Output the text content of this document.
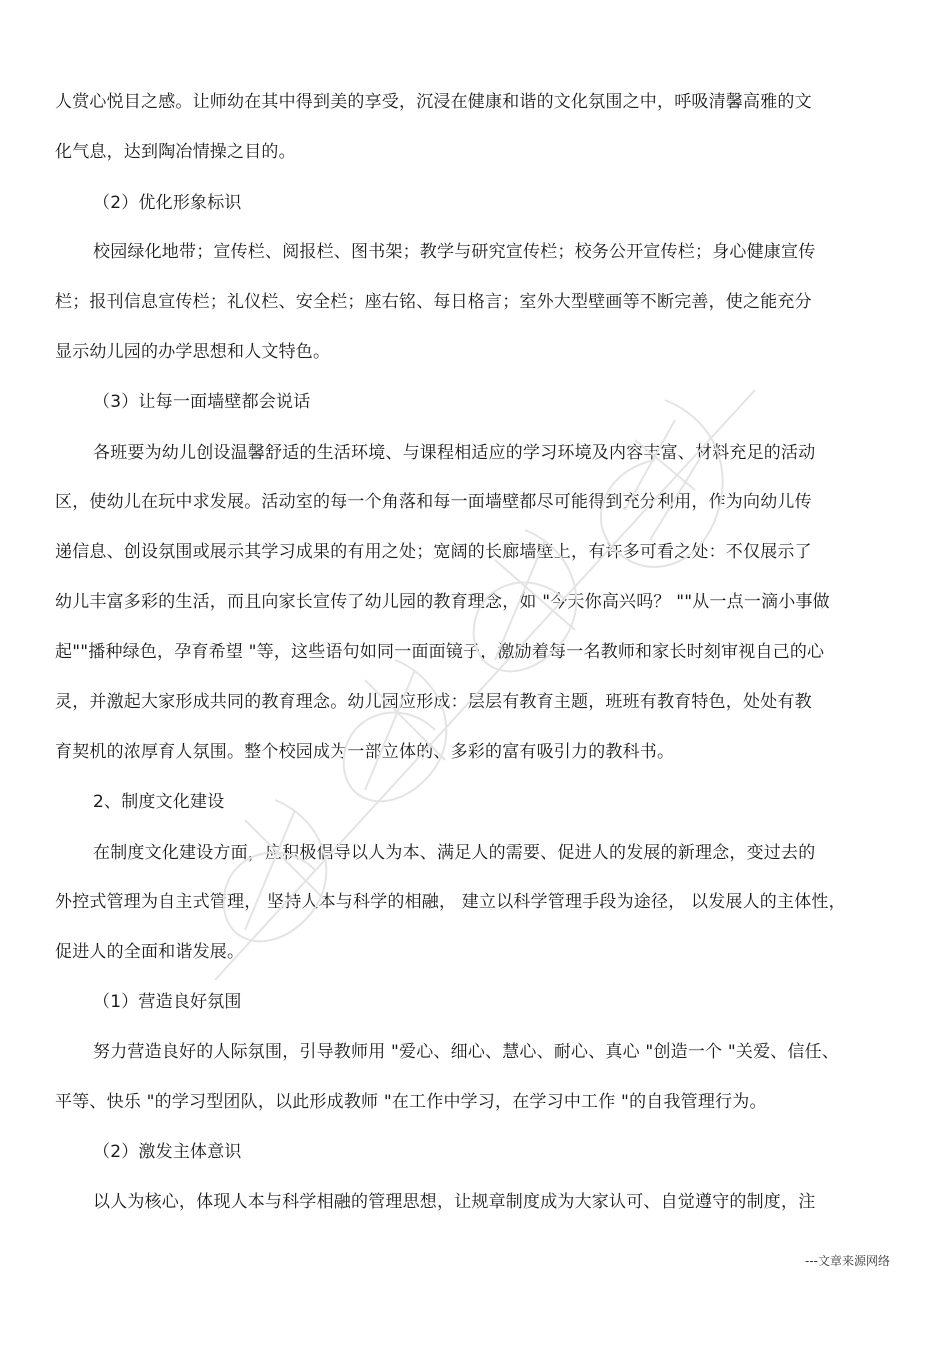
人赏心悦目之感。让师幼在其中得到美的享受，沉浸在健康和谐的文化氛围之中，呼吸清馨高雅的文
化气息，达到陶冶情操之目的。
（2）优化形象标识
校园绿化地带；宣传栏、阅报栏、图书架；教学与研究宣传栏；校务公开宣传栏；身心健康宣传
栏；报刊信息宣传栏；礼仪栏、安全栏；座右铭、每日格言；室外大型壁画等不断完善，使之能充分
显示幼儿园的办学思想和人文特色。
（3）让每一面墙壁都会说话
各班要为幼儿创设温馨舒适的生活环境、与课程相适应的学习环境及内容丰富、材料充足的活动
区，使幼儿在玩中求发展。活动室的每一个角落和每一面墙壁都尽可能得到充分利用，作为向幼儿传
递信息、创设氛围或展示其学习成果的有用之处；宽阔的长廊墙壁上，有许多可看之处：不仅展示了
幼儿丰富多彩的生活，而且向家长宣传了幼儿园的教育理念，如 "今天你高兴吗？ ""从一点一滴小事做
起""播种绿色，孕育希望 "等，这些语句如同一面面镜子，激励着每一名教师和家长时刻审视自己的心
灵，并激起大家形成共同的教育理念。幼儿园应形成：层层有教育主题，班班有教育特色，处处有教
育契机的浓厚育人氛围。整个校园成为一部立体的、多彩的富有吸引力的教科书。
2、制度文化建设
在制度文化建设方面，应积极倡导以人为本、满足人的需要、促进人的发展的新理念，变过去的
外控式管理为自主式管理， 坚持人本与科学的相融， 建立以科学管理手段为途径， 以发展人的主体性，
促进人的全面和谐发展。
（1）营造良好氛围
努力营造良好的人际氛围，引导教师用 "爱心、细心、慧心、耐心、真心 "创造一个 "关爱、信任、
平等、快乐 "的学习型团队，以此形成教师 "在工作中学习，在学习中工作 "的自我管理行为。
（2）激发主体意识
以人为核心，体现人本与科学相融的管理思想，让规章制度成为大家认可、自觉遵守的制度，注
---文章来源网络
